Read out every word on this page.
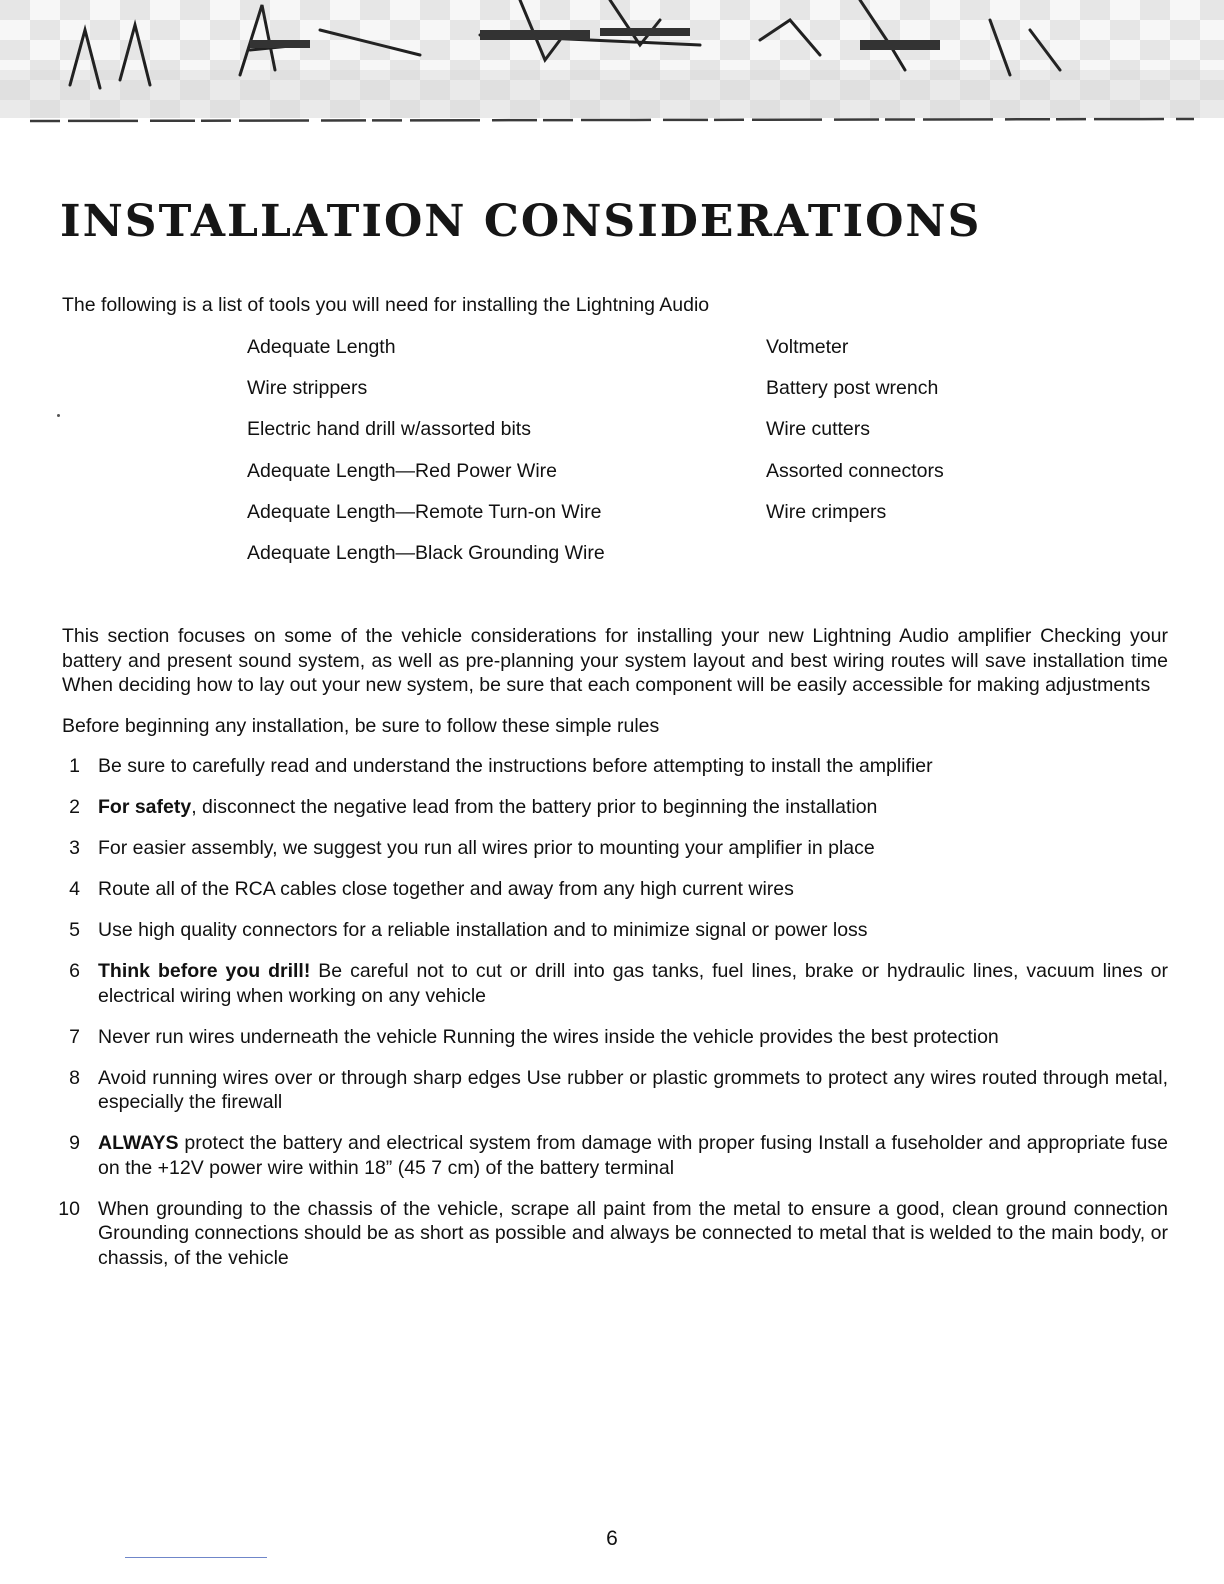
INSTALLATION CONSIDERATIONS

The following is a list of tools you will need for installing the Lightning Audio

Adequate Length
Wire strippers
Electric hand drill w/assorted bits
Adequate Length—Red Power Wire
Adequate Length—Remote Turn-on Wire
Adequate Length—Black Grounding Wire
Voltmeter
Battery post wrench
Wire cutters
Assorted connectors
Wire crimpers

This section focuses on some of the vehicle considerations for installing your new Lightning Audio amplifier Checking your battery and present sound system, as well as pre-planning your system layout and best wiring routes will save installation time When deciding how to lay out your new system, be sure that each component will be easily accessible for making adjustments

Before beginning any installation, be sure to follow these simple rules

1 Be sure to carefully read and understand the instructions before attempting to install the amplifier
2 For safety, disconnect the negative lead from the battery prior to beginning the installation
3 For easier assembly, we suggest you run all wires prior to mounting your amplifier in place
4 Route all of the RCA cables close together and away from any high current wires
5 Use high quality connectors for a reliable installation and to minimize signal or power loss
6 Think before you drill! Be careful not to cut or drill into gas tanks, fuel lines, brake or hydraulic lines, vacuum lines or electrical wiring when working on any vehicle
7 Never run wires underneath the vehicle Running the wires inside the vehicle provides the best protection
8 Avoid running wires over or through sharp edges Use rubber or plastic grommets to protect any wires routed through metal, especially the firewall
9 ALWAYS protect the battery and electrical system from damage with proper fusing Install a fuseholder and appropriate fuse on the +12V power wire within 18” (45 7 cm) of the battery terminal
10 When grounding to the chassis of the vehicle, scrape all paint from the metal to ensure a good, clean ground connection Grounding connections should be as short as possible and always be connected to metal that is welded to the main body, or chassis, of the vehicle
6
